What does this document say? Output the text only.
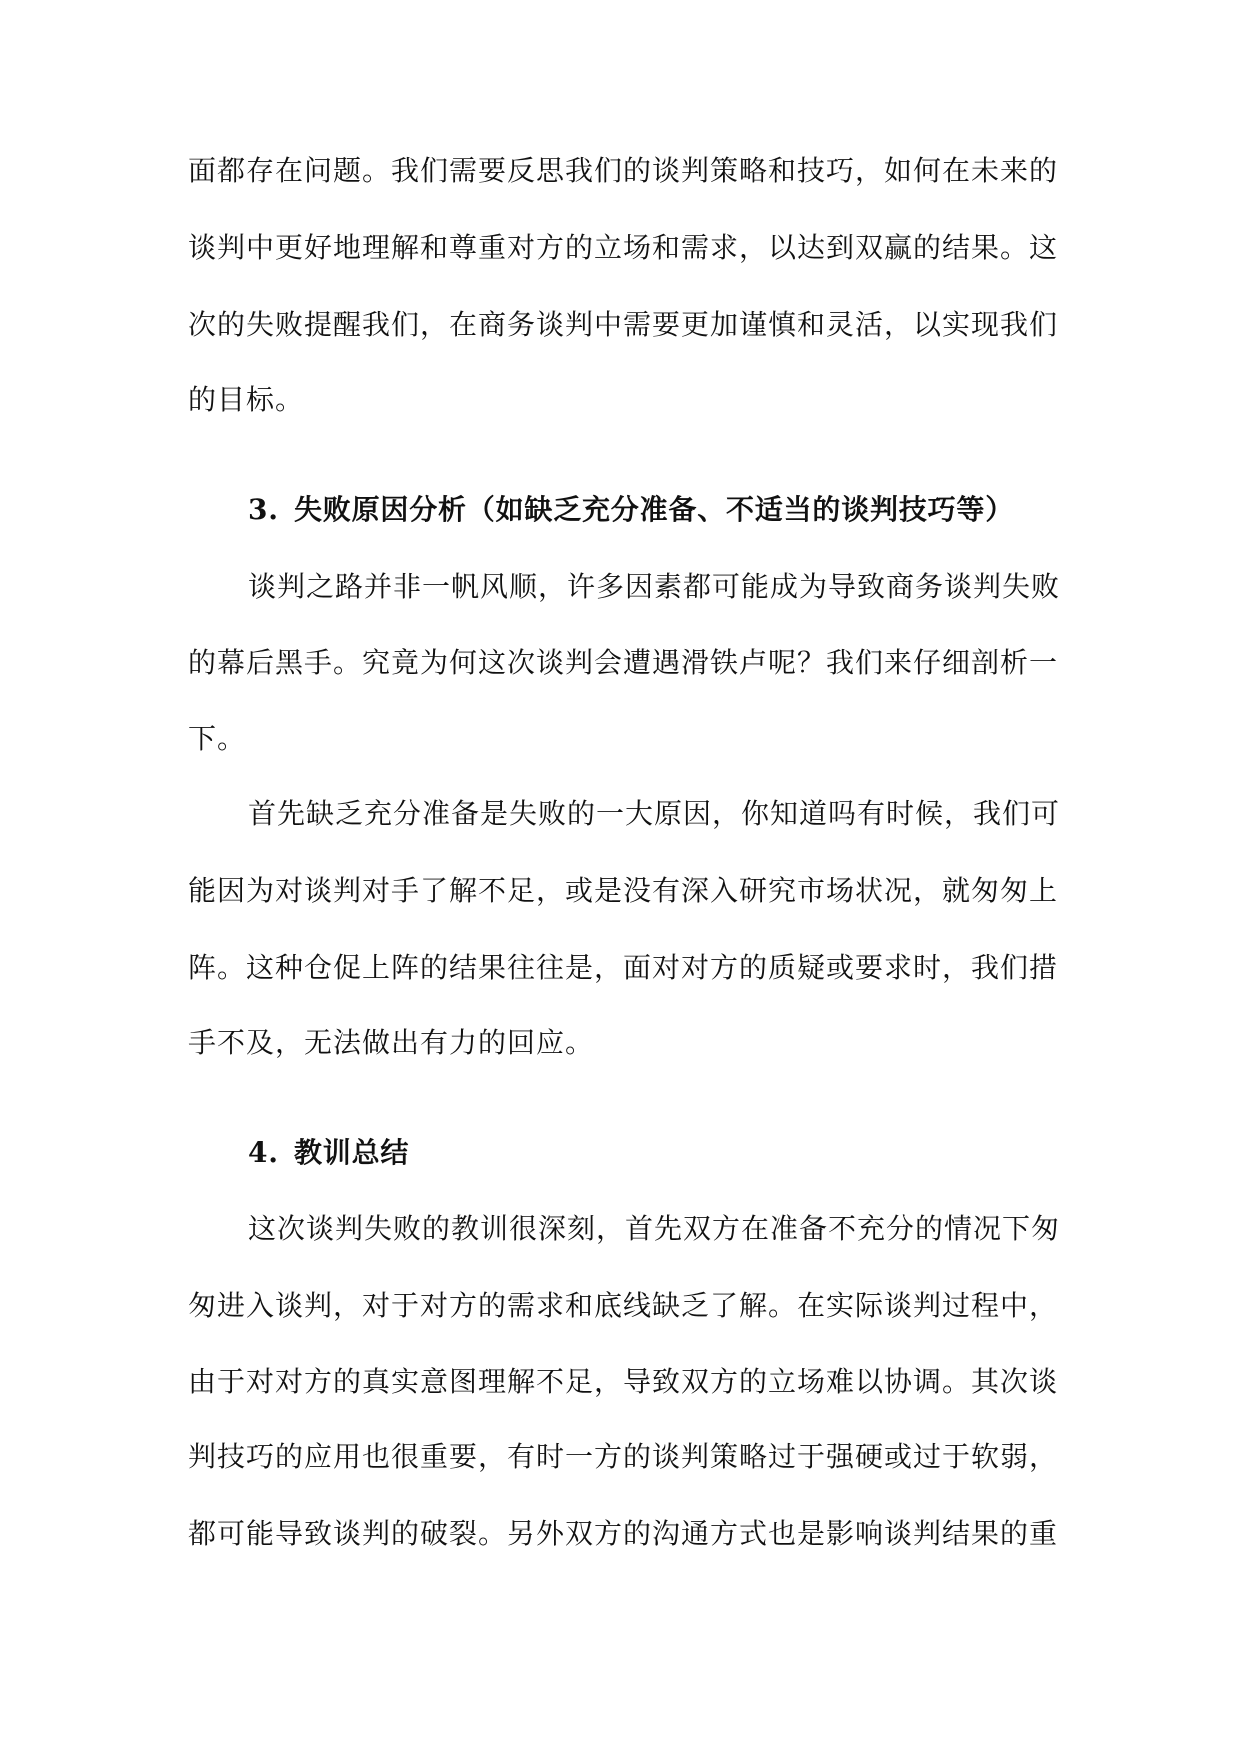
面都存在问题。我们需要反思我们的谈判策略和技巧，如何在未来的
谈判中更好地理解和尊重对方的立场和需求，以达到双赢的结果。这
次的失败提醒我们，在商务谈判中需要更加谨慎和灵活，以实现我们
的目标。
3. 失败原因分析（如缺乏充分准备、不适当的谈判技巧等）
谈判之路并非一帆风顺，许多因素都可能成为导致商务谈判失败
的幕后黑手。究竟为何这次谈判会遭遇滑铁卢呢？我们来仔细剖析一
下。
首先缺乏充分准备是失败的一大原因，你知道吗有时候，我们可
能因为对谈判对手了解不足，或是没有深入研究市场状况，就匆匆上
阵。这种仓促上阵的结果往往是，面对对方的质疑或要求时，我们措
手不及，无法做出有力的回应。
4. 教训总结
这次谈判失败的教训很深刻，首先双方在准备不充分的情况下匆
匆进入谈判，对于对方的需求和底线缺乏了解。在实际谈判过程中，
由于对对方的真实意图理解不足，导致双方的立场难以协调。其次谈
判技巧的应用也很重要，有时一方的谈判策略过于强硬或过于软弱，
都可能导致谈判的破裂。另外双方的沟通方式也是影响谈判结果的重
